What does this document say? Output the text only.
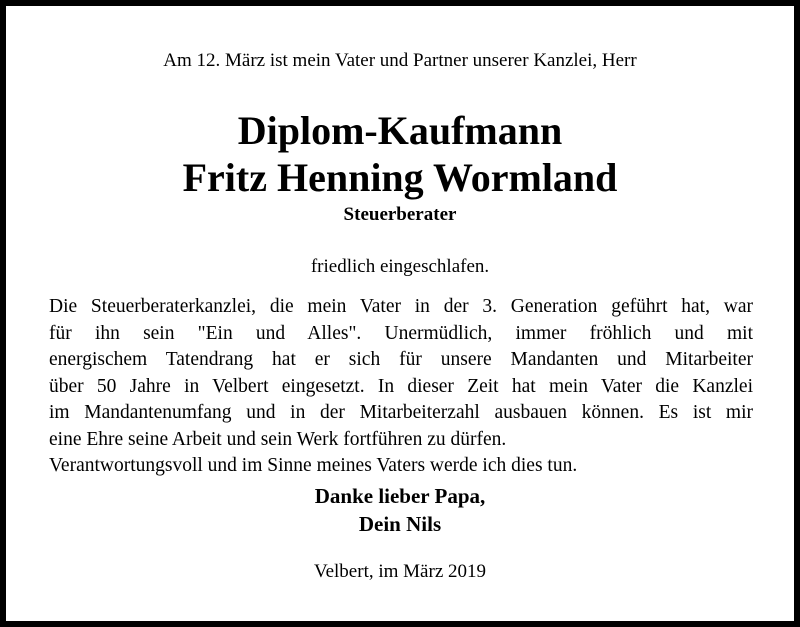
Am 12. März ist mein Vater und Partner unserer Kanzlei, Herr
Diplom-Kaufmann
Fritz Henning Wormland
Steuerberater
friedlich eingeschlafen.
Die Steuerberaterkanzlei, die mein Vater in der 3. Generation geführt hat, war
für ihn sein "Ein und Alles". Unermüdlich, immer fröhlich und mit
energischem Tatendrang hat er sich für unsere Mandanten und Mitarbeiter
über 50 Jahre in Velbert eingesetzt. In dieser Zeit hat mein Vater die Kanzlei
im Mandantenumfang und in der Mitarbeiterzahl ausbauen können. Es ist mir
eine Ehre seine Arbeit und sein Werk fortführen zu dürfen.
Verantwortungsvoll und im Sinne meines Vaters werde ich dies tun.
Danke lieber Papa,
Dein Nils
Velbert, im März 2019
